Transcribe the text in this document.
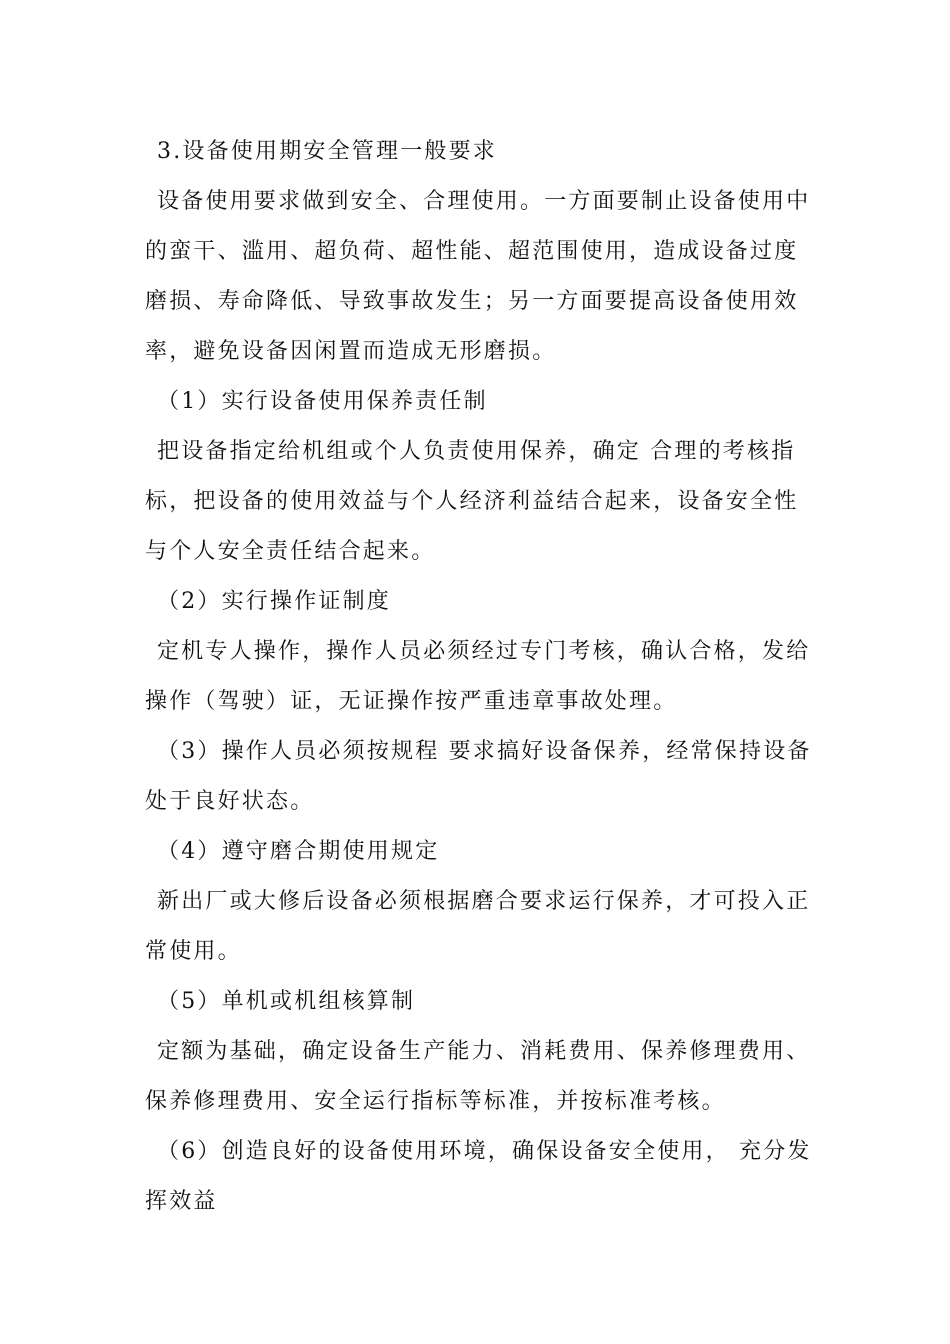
3.设备使用期安全管理一般要求
设备使用要求做到安全、合理使用。一方面要制止设备使用中
的蛮干、滥用、超负荷、超性能、超范围使用，造成设备过度
磨损、寿命降低、导致事故发生；另一方面要提高设备使用效
率，避免设备因闲置而造成无形磨损。
（1）实行设备使用保养责任制
把设备指定给机组或个人负责使用保养，确定 合理的考核指
标，把设备的使用效益与个人经济利益结合起来，设备安全性
与个人安全责任结合起来。
（2）实行操作证制度
定机专人操作，操作人员必须经过专门考核，确认合格，发给
操作（驾驶）证，无证操作按严重违章事故处理。
（3）操作人员必须按规程 要求搞好设备保养，经常保持设备
处于良好状态。
（4）遵守磨合期使用规定
新出厂或大修后设备必须根据磨合要求运行保养，才可投入正
常使用。
（5）单机或机组核算制
定额为基础，确定设备生产能力、消耗费用、保养修理费用、
保养修理费用、安全运行指标等标准，并按标准考核。
（6）创造良好的设备使用环境，确保设备安全使用， 充分发
挥效益
